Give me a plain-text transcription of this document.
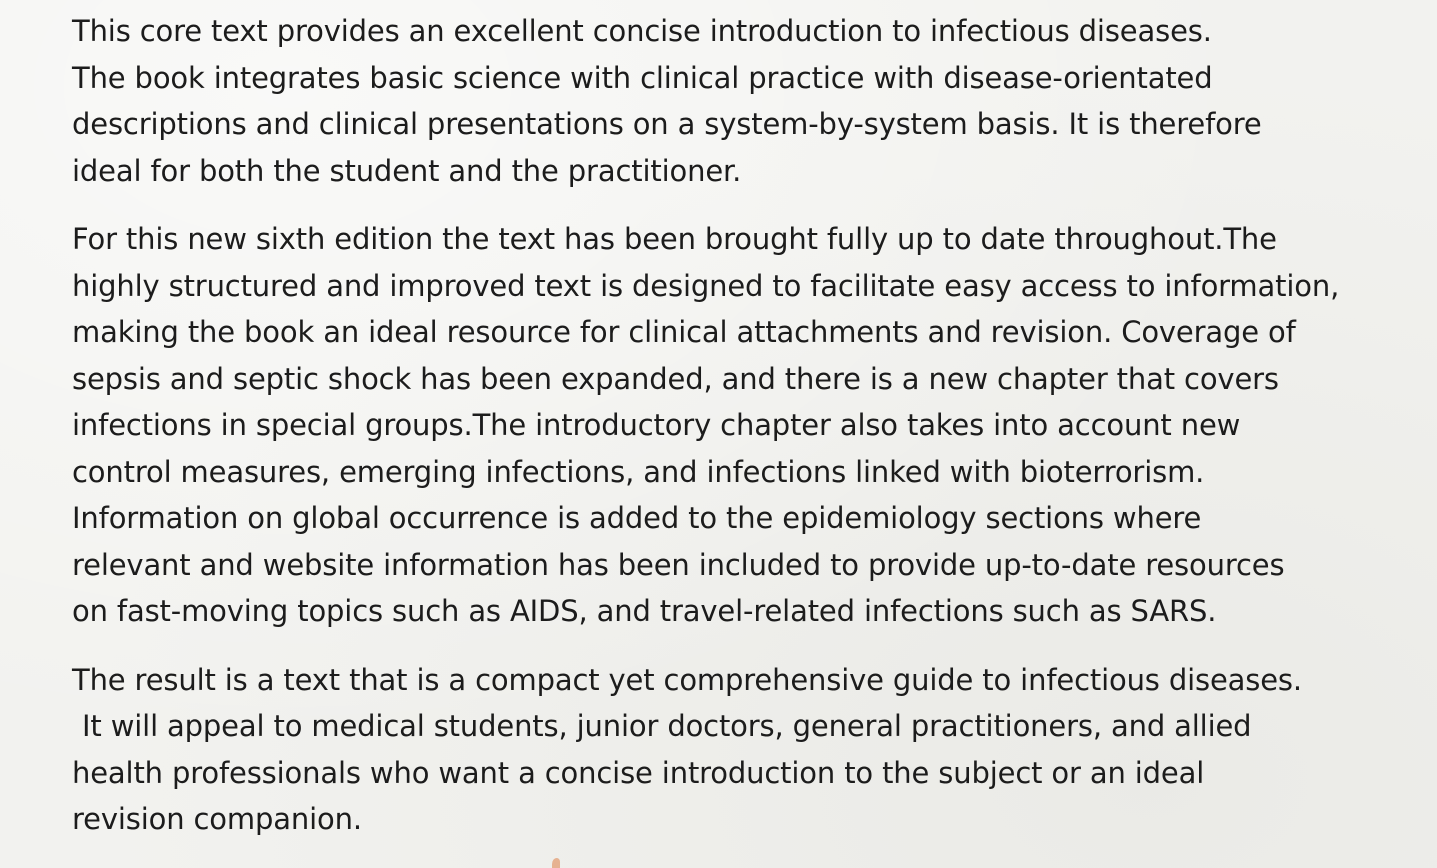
This core text provides an excellent concise introduction to infectious diseases.
The book integrates basic science with clinical practice with disease-orientated
descriptions and clinical presentations on a system-by-system basis. It is therefore
ideal for both the student and the practitioner.

For this new sixth edition the text has been brought fully up to date throughout.The
highly structured and improved text is designed to facilitate easy access to information,
making the book an ideal resource for clinical attachments and revision. Coverage of
sepsis and septic shock has been expanded, and there is a new chapter that covers
infections in special groups.The introductory chapter also takes into account new
control measures, emerging infections, and infections linked with bioterrorism.
Information on global occurrence is added to the epidemiology sections where
relevant and website information has been included to provide up-to-date resources
on fast-moving topics such as AIDS, and travel-related infections such as SARS.

The result is a text that is a compact yet comprehensive guide to infectious diseases.
It will appeal to medical students, junior doctors, general practitioners, and allied
health professionals who want a concise introduction to the subject or an ideal
revision companion.
